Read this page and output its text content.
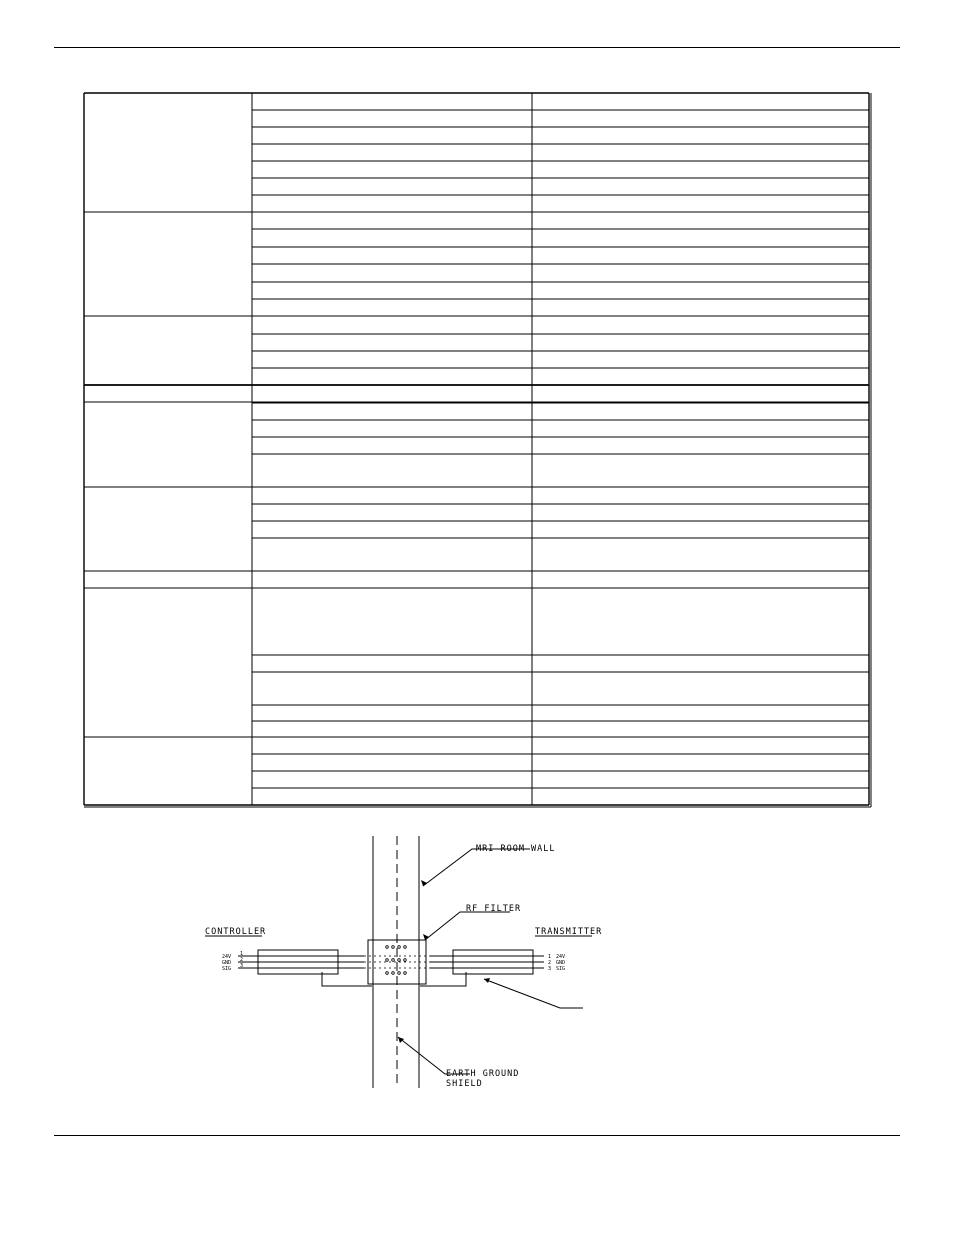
MRI ROOM WALL
RF FILTER
CONTROLLER	TRANSMITTER
EARTH GROUND
SHIELD
24V
GND
SIG
1
2
3
1
2
3
24V
GND
SIG
